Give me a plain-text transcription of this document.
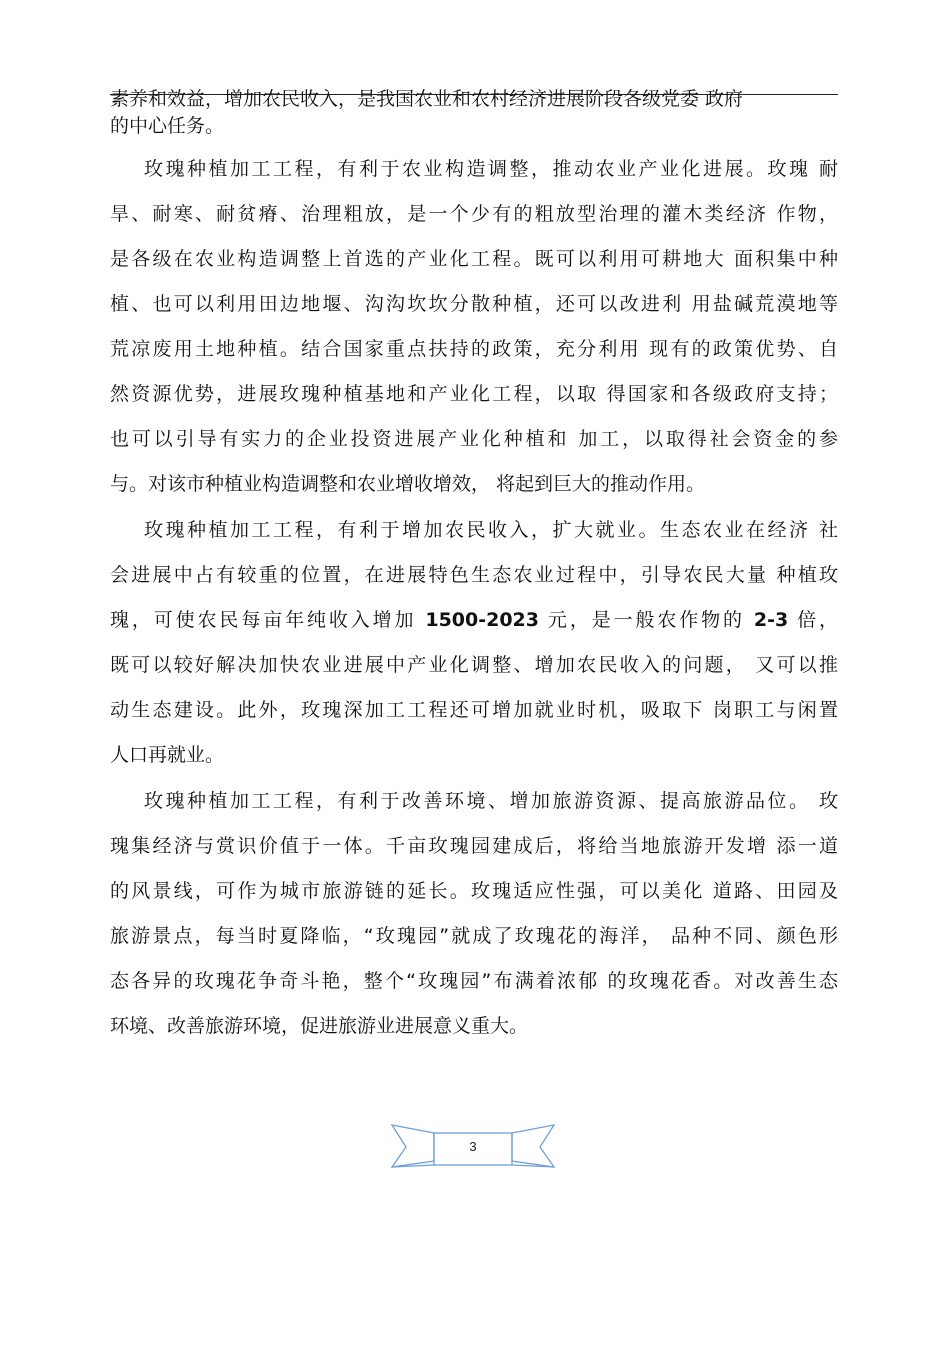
素养和效益，增加农民收入，是我国农业和农村经济进展阶段各级党委 政府
的中心任务。
玫瑰种植加工工程，有利于农业构造调整，推动农业产业化进展。玫瑰 耐
旱、耐寒、耐贫瘠、治理粗放，是一个少有的粗放型治理的灌木类经济 作物，
是各级在农业构造调整上首选的产业化工程。既可以利用可耕地大 面积集中种
植、也可以利用田边地堰、沟沟坎坎分散种植，还可以改进利 用盐碱荒漠地等
荒凉废用土地种植。结合国家重点扶持的政策，充分利用 现有的政策优势、自
然资源优势，进展玫瑰种植基地和产业化工程，以取 得国家和各级政府支持；
也可以引导有实力的企业投资进展产业化种植和 加工，以取得社会资金的参
与。对该市种植业构造调整和农业增收增效， 将起到巨大的推动作用。
玫瑰种植加工工程，有利于增加农民收入，扩大就业。生态农业在经济 社
会进展中占有较重的位置，在进展特色生态农业过程中，引导农民大量 种植玫
瑰，可使农民每亩年纯收入增加 1500-2023 元，是一般农作物的 2-3 倍，
既可以较好解决加快农业进展中产业化调整、增加农民收入的问题， 又可以推
动生态建设。此外，玫瑰深加工工程还可增加就业时机，吸取下 岗职工与闲置
人口再就业。
玫瑰种植加工工程，有利于改善环境、增加旅游资源、提高旅游品位。 玫
瑰集经济与赏识价值于一体。千亩玫瑰园建成后，将给当地旅游开发增 添一道
的风景线，可作为城市旅游链的延长。玫瑰适应性强，可以美化 道路、田园及
旅游景点，每当时夏降临，“玫瑰园”就成了玫瑰花的海洋， 品种不同、颜色形
态各异的玫瑰花争奇斗艳，整个“玫瑰园”布满着浓郁 的玫瑰花香。对改善生态
环境、改善旅游环境，促进旅游业进展意义重大。
3
